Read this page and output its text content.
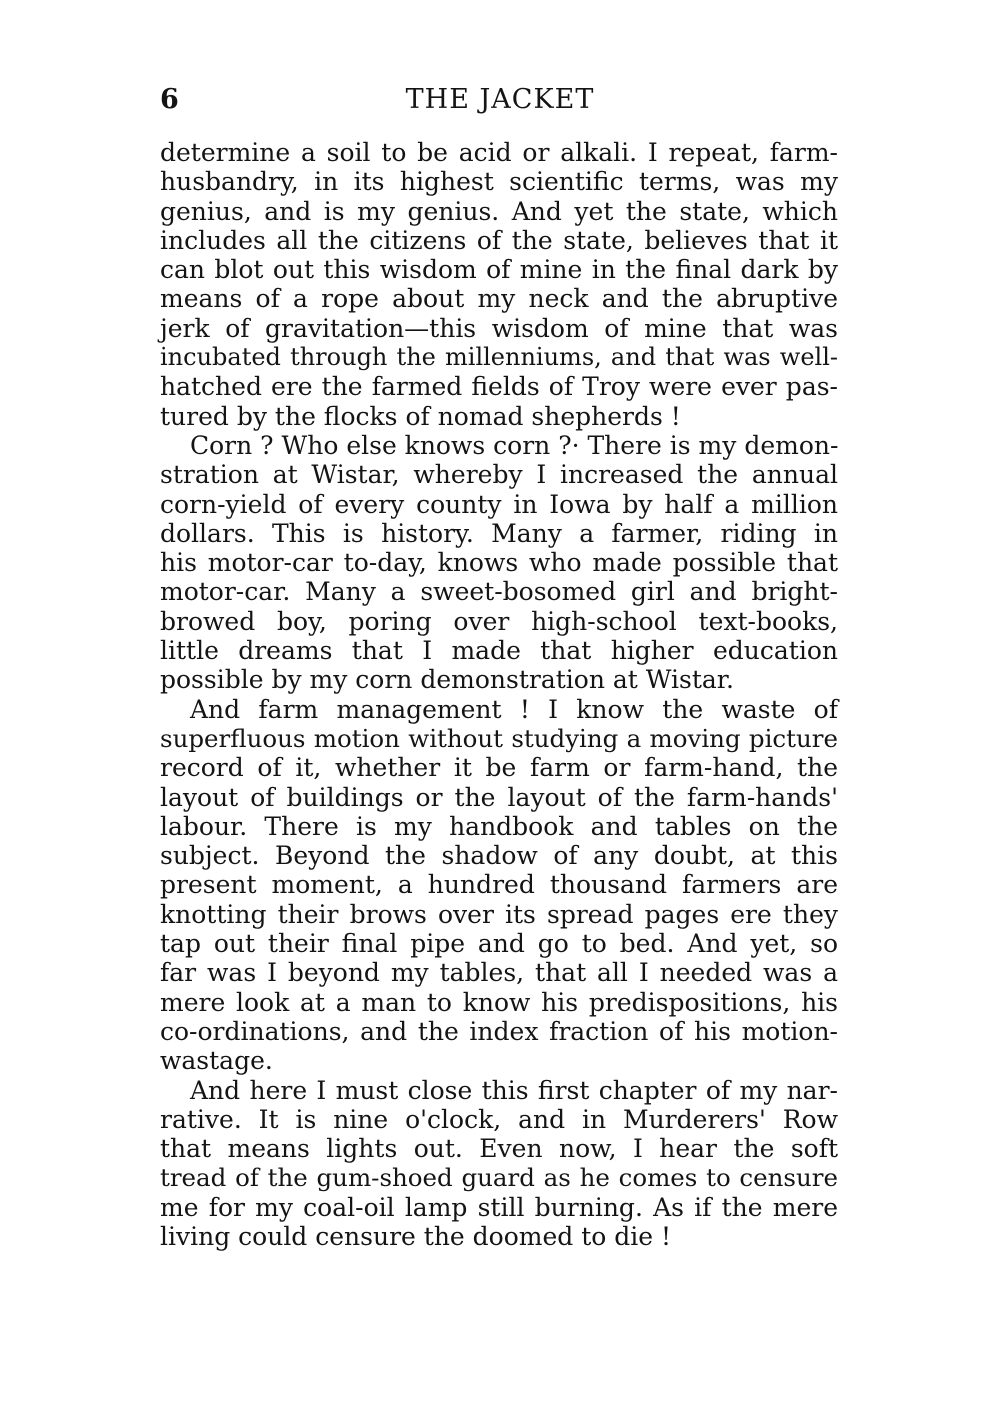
6	THE JACKET
determine a soil to be acid or alkali. I repeat, farm-
husbandry, in its highest scientific terms, was my
genius, and is my genius. And yet the state, which
includes all the citizens of the state, believes that it
can blot out this wisdom of mine in the final dark by
means of a rope about my neck and the abruptive
jerk of gravitation—this wisdom of mine that was
incubated through the millenniums, and that was well-
hatched ere the farmed fields of Troy were ever pas-
tured by the flocks of nomad shepherds !
Corn ? Who else knows corn ?· There is my demon-
stration at Wistar, whereby I increased the annual
corn-yield of every county in Iowa by half a million
dollars. This is history. Many a farmer, riding in
his motor-car to-day, knows who made possible that
motor-car. Many a sweet-bosomed girl and bright-
browed boy, poring over high-school text-books,
little dreams that I made that higher education
possible by my corn demonstration at Wistar.
And farm management ! I know the waste of
superfluous motion without studying a moving picture
record of it, whether it be farm or farm-hand, the
layout of buildings or the layout of the farm-hands'
labour. There is my handbook and tables on the
subject. Beyond the shadow of any doubt, at this
present moment, a hundred thousand farmers are
knotting their brows over its spread pages ere they
tap out their final pipe and go to bed. And yet, so
far was I beyond my tables, that all I needed was a
mere look at a man to know his predispositions, his
co-ordinations, and the index fraction of his motion-
wastage.
And here I must close this first chapter of my nar-
rative. It is nine o'clock, and in Murderers' Row
that means lights out. Even now, I hear the soft
tread of the gum-shoed guard as he comes to censure
me for my coal-oil lamp still burning. As if the mere
living could censure the doomed to die !
